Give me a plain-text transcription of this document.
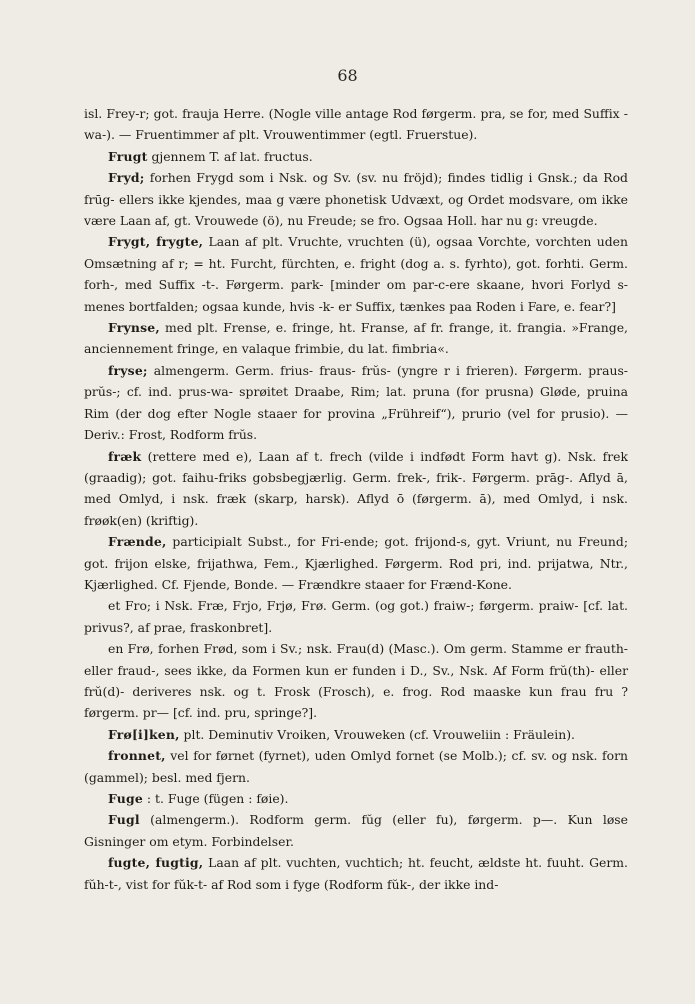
68

isl. Frey-r; got. frauja Herre. (Nogle ville antage Rod førgerm. pra, se for, med Suffix -wa-). — Fruentimmer af plt. Vrouwentimmer (egtl. Fruerstue).

Frugt gjennem T. af lat. fructus.

Fryd; forhen Frygd som i Nsk. og Sv. (sv. nu fröjd); findes tidlig i Gnsk.; da Rod frūg- ellers ikke kjendes, maa g være phonetisk Udvæxt, og Ordet modsvare, om ikke være Laan af, gt. Vrouwede (ö), nu Freude; se fro. Ogsaa Holl. har nu g: vreugde.

Frygt, frygte, Laan af plt. Vruchte, vruchten (ü), ogsaa Vorchte, vorchten uden Omsætning af r; = ht. Furcht, fürchten, e. fright (dog a. s. fyrhto), got. forhti. Germ. forh-, med Suffix -t-. Førgerm. park- [minder om par-c-ere skaane, hvori Forlyd s- menes bortfalden; ogsaa kunde, hvis -k- er Suffix, tænkes paa Roden i Fare, e. fear?]

Frynse, med plt. Frense, e. fringe, ht. Franse, af fr. frange, it. frangia. »Frange, anciennement fringe, en valaque frimbie, du lat. fimbria«.

fryse; almengerm. Germ. frius- fraus- frŭs- (yngre r i frieren). Førgerm. praus- prŭs-; cf. ind. prus-wa- sprøitet Draabe, Rim; lat. pruna (for prusna) Gløde, pruina Rim (der dog efter Nogle staaer for provina „Frühreif“), prurio (vel for prusio). — Deriv.: Frost, Rodform frŭs.

fræk (rettere med e), Laan af t. frech (vilde i indfødt Form havt g). Nsk. frek (graadig); got. faihu-friks gobsbegjærlig. Germ. frek-, frik-. Førgerm. prāg-. Aflyd ā, med Omlyd, i nsk. fræk (skarp, harsk). Aflyd ō (førgerm. ā), med Omlyd, i nsk. frøøk(en) (kriftig).

Frænde, participialt Subst., for Fri-ende; got. frijond-s, gyt. Vriunt, nu Freund; got. frijon elske, frijathwa, Fem., Kjærlighed. Førgerm. Rod pri, ind. prijatwa, Ntr., Kjærlighed. Cf. Fjende, Bonde. — Frændkre staaer for Frænd-Kone.

et Fro; i Nsk. Fræ, Frjo, Frjø, Frø. Germ. (og got.) fraiw-; førgerm. praiw- [cf. lat. privus?, af prae, fraskonbret].

en Frø, forhen Frød, som i Sv.; nsk. Frau(d) (Masc.). Om germ. Stamme er frauth- eller fraud-, sees ikke, da Formen kun er funden i D., Sv., Nsk. Af Form frŭ(th)- eller frŭ(d)- deriveres nsk. og t. Frosk (Frosch), e. frog. Rod maaske kun frau fru ? førgerm. pr— [cf. ind. pru, springe?].

Frø[i]ken, plt. Deminutiv Vroiken, Vrouweken (cf. Vrouweliin : Fräulein).

fronnet, vel for førnet (fyrnet), uden Omlyd fornet (se Molb.); cf. sv. og nsk. forn (gammel); besl. med fjern.

Fuge : t. Fuge (fügen : føie).

Fugl (almengerm.). Rodform germ. fŭg (eller fu), førgerm. p—. Kun løse Gisninger om etym. Forbindelser.

fugte, fugtig, Laan af plt. vuchten, vuchtich; ht. feucht, ældste ht. fuuht. Germ. fŭh-t-, vist for fŭk-t- af Rod som i fyge (Rodform fŭk-, der ikke ind-
